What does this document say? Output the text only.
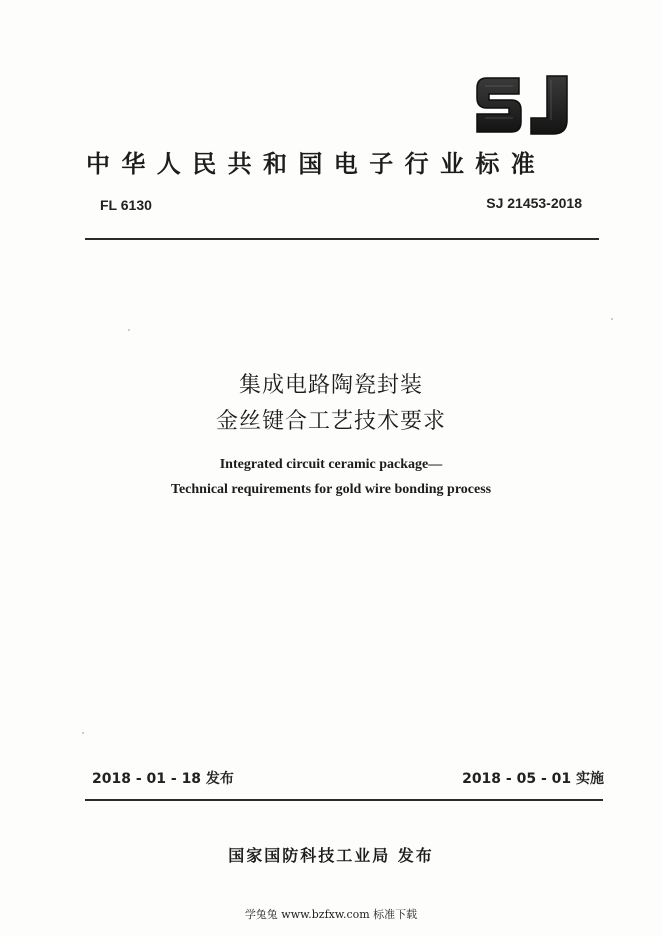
中华人民共和国电子行业标准
FL 6130	SJ 21453-2018
集成电路陶瓷封装
金丝键合工艺技术要求
Integrated circuit ceramic package—
Technical requirements for gold wire bonding process
2018 - 01 - 18 发布	2018 - 05 - 01 实施
国家国防科技工业局 发布
学兔兔 www.bzfxw.com 标准下载
